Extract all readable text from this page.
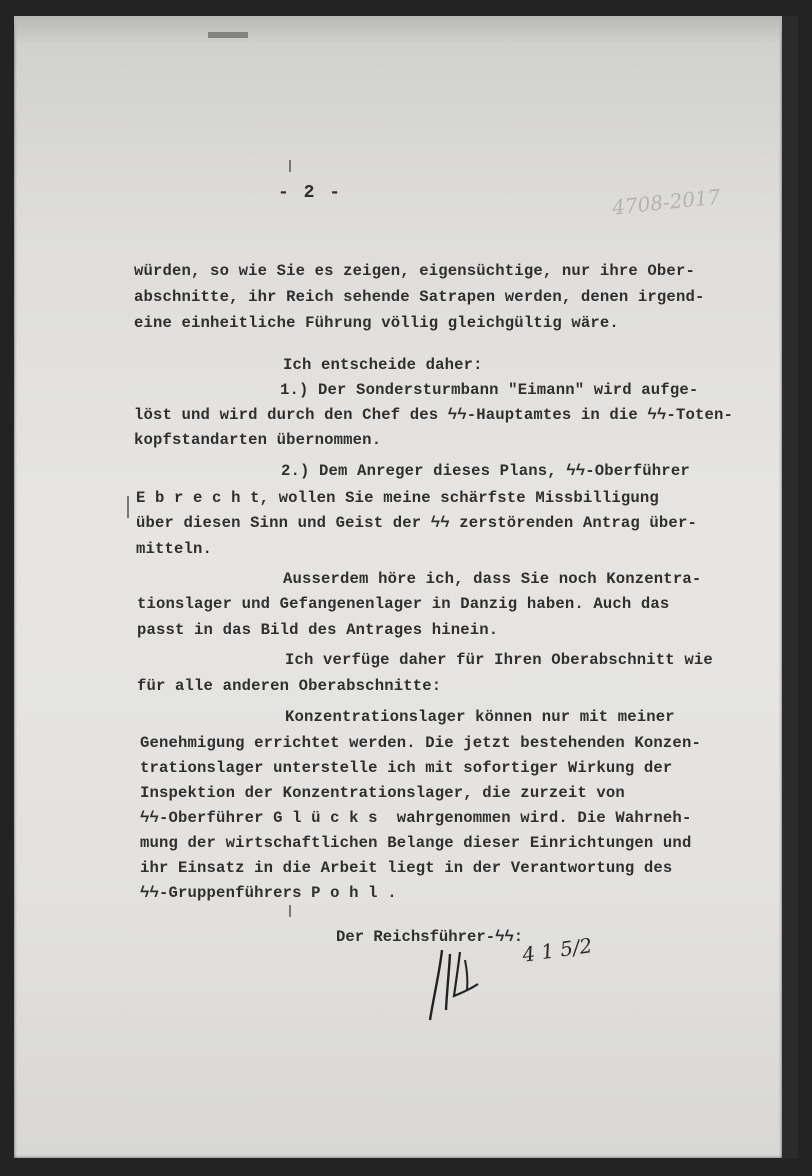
- 2 -	4708-2017
würden, so wie Sie es zeigen, eigensüchtige, nur ihre Ober-
abschnitte, ihr Reich sehende Satrapen werden, denen irgend-
eine einheitliche Führung völlig gleichgültig wäre.
Ich entscheide daher:
1.) Der Sondersturmbann "Eimann" wird aufge-
löst und wird durch den Chef des ϟϟ-Hauptamtes in die ϟϟ-Toten-
kopfstandarten übernommen.
2.) Dem Anreger dieses Plans, ϟϟ-Oberführer
E b r e c h t, wollen Sie meine schärfste Missbilligung
über diesen Sinn und Geist der ϟϟ zerstörenden Antrag über-
mitteln.
Ausserdem höre ich, dass Sie noch Konzentra-
tionslager und Gefangenenlager in Danzig haben. Auch das
passt in das Bild des Antrages hinein.
Ich verfüge daher für Ihren Oberabschnitt wie
für alle anderen Oberabschnitte:
Konzentrationslager können nur mit meiner
Genehmigung errichtet werden. Die jetzt bestehenden Konzen-
trationslager unterstelle ich mit sofortiger Wirkung der
Inspektion der Konzentrationslager, die zurzeit von
ϟϟ-Oberführer G l ü c k s  wahrgenommen wird. Die Wahrneh-
mung der wirtschaftlichen Belange dieser Einrichtungen und
ihr Einsatz in die Arbeit liegt in der Verantwortung des
ϟϟ-Gruppenführers P o h l .
Der Reichsführer-ϟϟ:
4 1 5/2
